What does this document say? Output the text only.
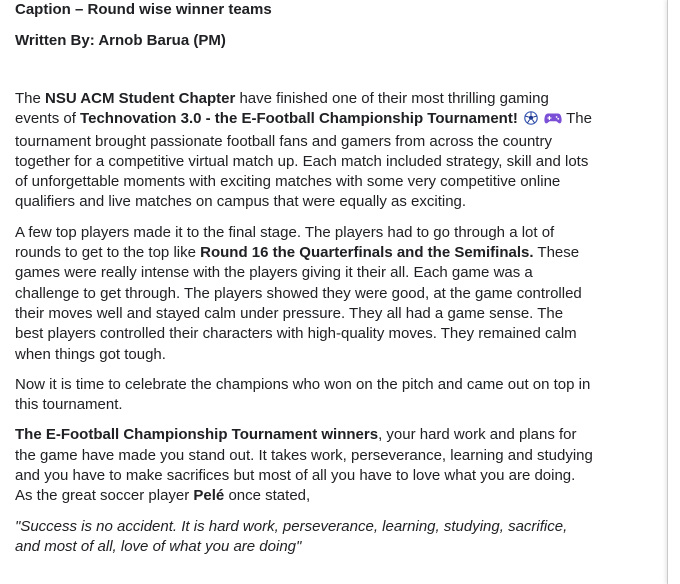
Caption – Round wise winner teams
Written By: Arnob Barua (PM)

The NSU ACM Student Chapter have finished one of their most thrilling gaming events of Technovation 3.0 - the E-Football Championship Tournament!	The tournament brought passionate football fans and gamers from across the country together for a competitive virtual match up. Each match included strategy, skill and lots of unforgettable moments with exciting matches with some very competitive online qualifiers and live matches on campus that were equally as exciting.

A few top players made it to the final stage. The players had to go through a lot of rounds to get to the top like Round 16 the Quarterfinals and the Semifinals. These games were really intense with the players giving it their all. Each game was a challenge to get through. The players showed they were good, at the game controlled their moves well and stayed calm under pressure. They all had a game sense. The best players controlled their characters with high-quality moves. They remained calm when things got tough.

Now it is time to celebrate the champions who won on the pitch and came out on top in this tournament.

The E-Football Championship Tournament winners, your hard work and plans for the game have made you stand out. It takes work, perseverance, learning and studying and you have to make sacrifices but most of all you have to love what you are doing. As the great soccer player Pelé once stated,

"Success is no accident. It is hard work, perseverance, learning, studying, sacrifice, and most of all, love of what you are doing"
